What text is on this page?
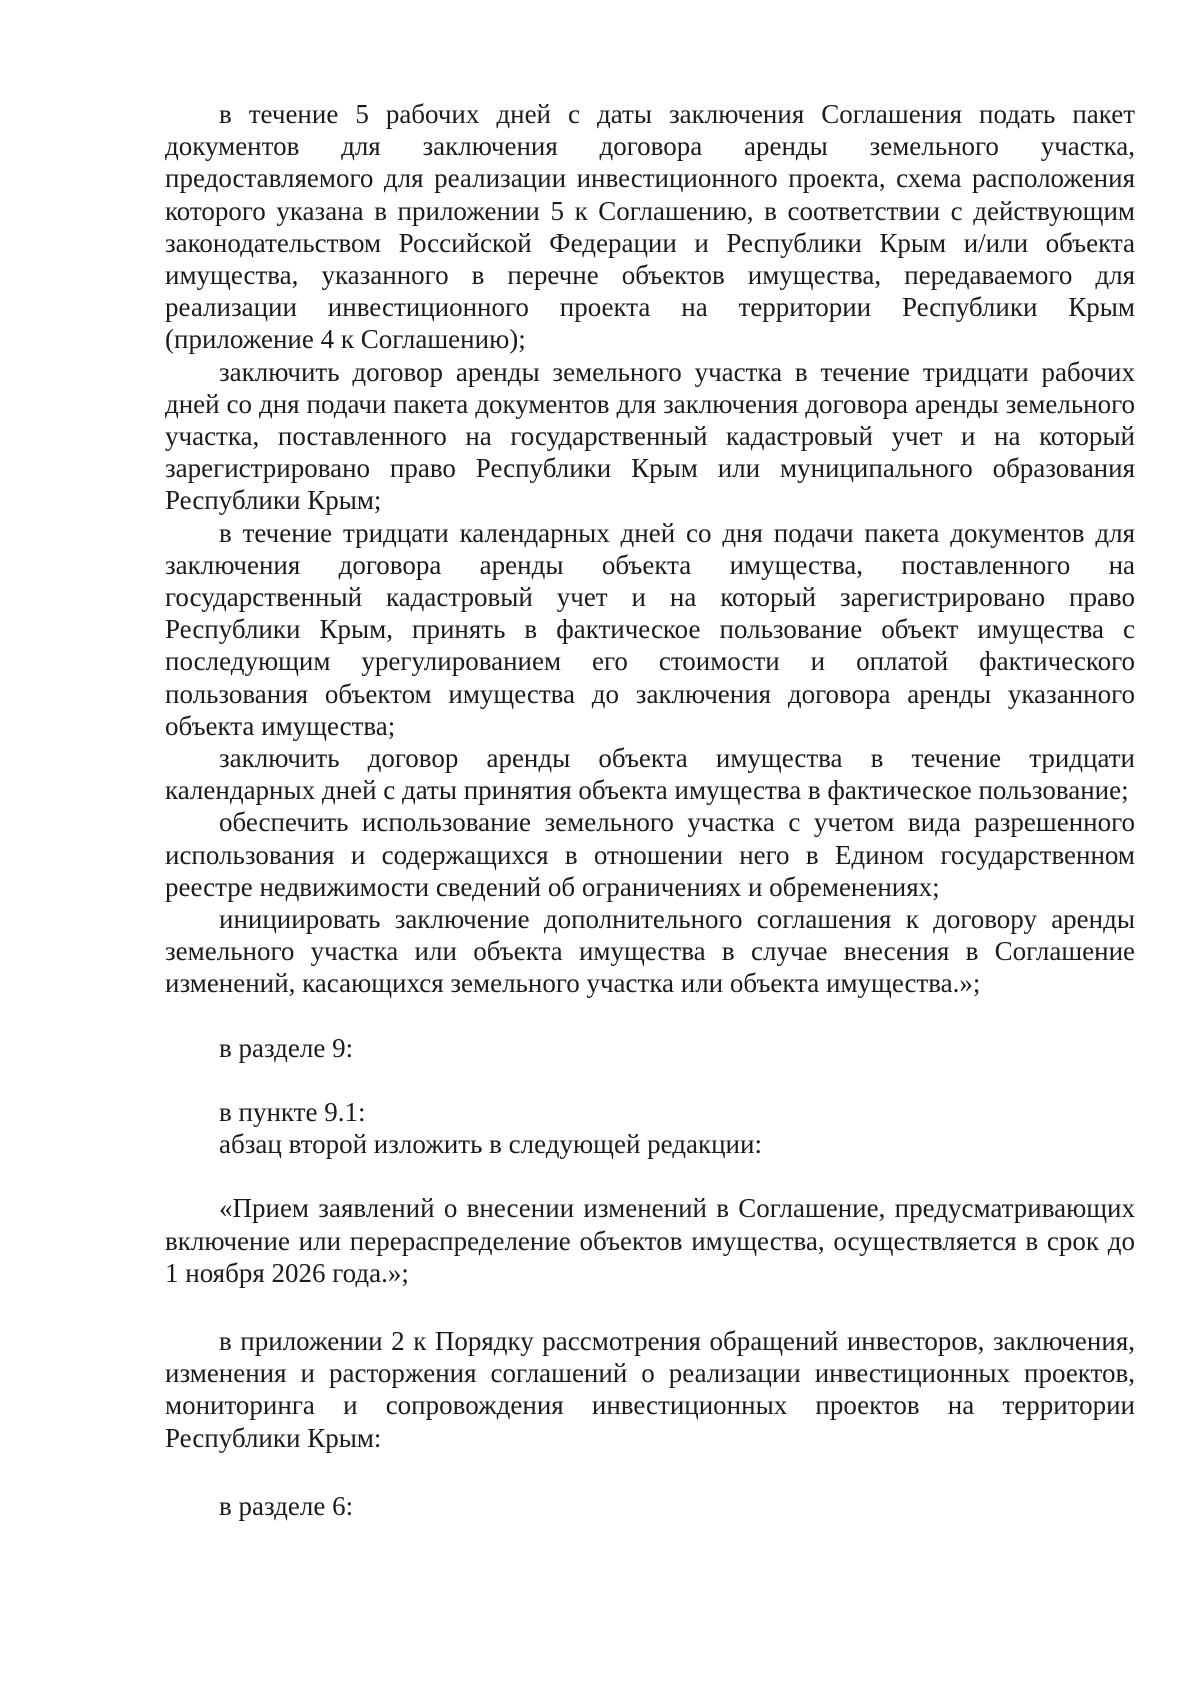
в течение 5 рабочих дней с даты заключения Соглашения подать пакет документов для заключения договора аренды земельного участка, предоставляемого для реализации инвестиционного проекта, схема расположения которого указана в приложении 5 к Соглашению, в соответствии с действующим законодательством Российской Федерации и Республики Крым и/или объекта имущества, указанного в перечне объектов имущества, передаваемого для реализации инвестиционного проекта на территории Республики Крым (приложение 4 к Соглашению);

заключить договор аренды земельного участка в течение тридцати рабочих дней со дня подачи пакета документов для заключения договора аренды земельного участка, поставленного на государственный кадастровый учет и на который зарегистрировано право Республики Крым или муниципального образования Республики Крым;

в течение тридцати календарных дней со дня подачи пакета документов для заключения договора аренды объекта имущества, поставленного на государственный кадастровый учет и на который зарегистрировано право Республики Крым, принять в фактическое пользование объект имущества с последующим урегулированием его стоимости и оплатой фактического пользования объектом имущества до заключения договора аренды указанного объекта имущества;

заключить договор аренды объекта имущества в течение тридцати календарных дней с даты принятия объекта имущества в фактическое пользование;

обеспечить использование земельного участка с учетом вида разрешенного использования и содержащихся в отношении него в Едином государственном реестре недвижимости сведений об ограничениях и обременениях;

инициировать заключение дополнительного соглашения к договору аренды земельного участка или объекта имущества в случае внесения в Соглашение изменений, касающихся земельного участка или объекта имущества.»;

в разделе 9:

в пункте 9.1:

абзац второй изложить в следующей редакции:

«Прием заявлений о внесении изменений в Соглашение, предусматривающих включение или перераспределение объектов имущества, осуществляется в срок до 1 ноября 2026 года.»;

в приложении 2 к Порядку рассмотрения обращений инвесторов, заключения, изменения и расторжения соглашений о реализации инвестиционных проектов, мониторинга и сопровождения инвестиционных проектов на территории Республики Крым:

в разделе 6:
